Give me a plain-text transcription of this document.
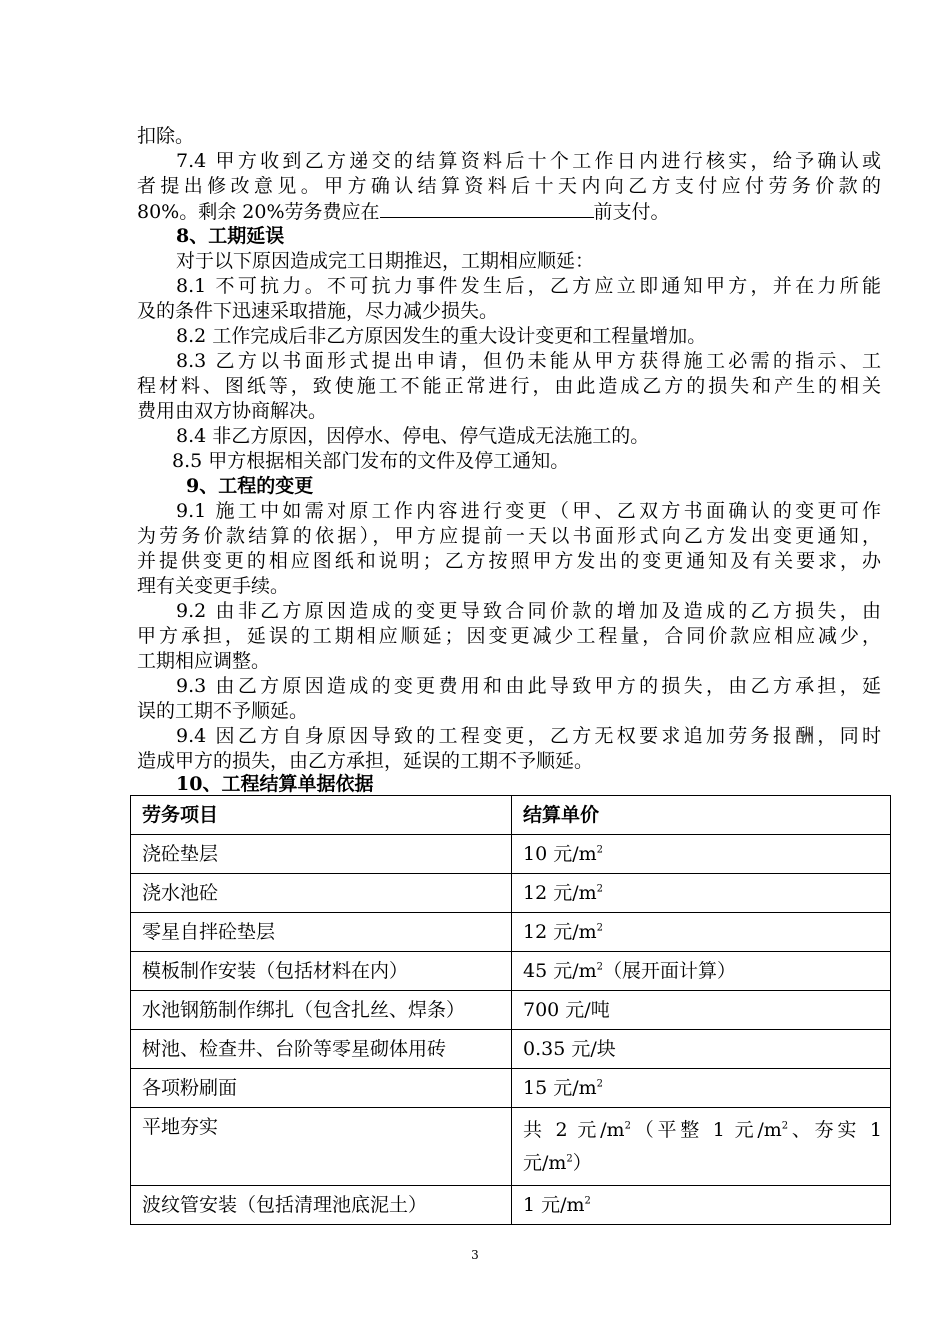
扣除。
7.4 甲方收到乙方递交的结算资料后十个工作日内进行核实，给予确认或
者提出修改意见。甲方确认结算资料后十天内向乙方支付应付劳务价款的
80%。剩余 20%劳务费应在	前支付。
8、工期延误
对于以下原因造成完工日期推迟，工期相应顺延：
8.1 不可抗力。不可抗力事件发生后，乙方应立即通知甲方，并在力所能
及的条件下迅速采取措施，尽力减少损失。
8.2 工作完成后非乙方原因发生的重大设计变更和工程量增加。
8.3 乙方以书面形式提出申请，但仍未能从甲方获得施工必需的指示、工
程材料、图纸等，致使施工不能正常进行，由此造成乙方的损失和产生的相关
费用由双方协商解决。
8.4 非乙方原因，因停水、停电、停气造成无法施工的。
8.5 甲方根据相关部门发布的文件及停工通知。
9、工程的变更
9.1 施工中如需对原工作内容进行变更（甲、乙双方书面确认的变更可作
为劳务价款结算的依据），甲方应提前一天以书面形式向乙方发出变更通知，
并提供变更的相应图纸和说明；乙方按照甲方发出的变更通知及有关要求，办
理有关变更手续。
9.2 由非乙方原因造成的变更导致合同价款的增加及造成的乙方损失，由
甲方承担，延误的工期相应顺延；因变更减少工程量，合同价款应相应减少，
工期相应调整。
9.3 由乙方原因造成的变更费用和由此导致甲方的损失，由乙方承担，延
误的工期不予顺延。
9.4 因乙方自身原因导致的工程变更，乙方无权要求追加劳务报酬，同时
造成甲方的损失，由乙方承担，延误的工期不予顺延。
10、工程结算单据依据
劳务项目	结算单价
浇砼垫层	10 元$/m^2$
浇水池砼	12 元$/m^2$
零星自拌砼垫层	12 元$/m^2$
模板制作安装（包括材料在内）	45 元$/m^2$（展开面计算）
水池钢筋制作绑扎（包含扎丝、焊条）	700 元/吨
树池、检查井、台阶等零星砌体用砖	0.35 元/块
各项粉刷面	15 元$/m^2$
平地夯实	共 2 元$/m^2$（平整 1 元$/m^2$、夯实 1
元$/m^2$）

波纹管安装（包括清理池底泥土）	1 元$/m^2$
3
